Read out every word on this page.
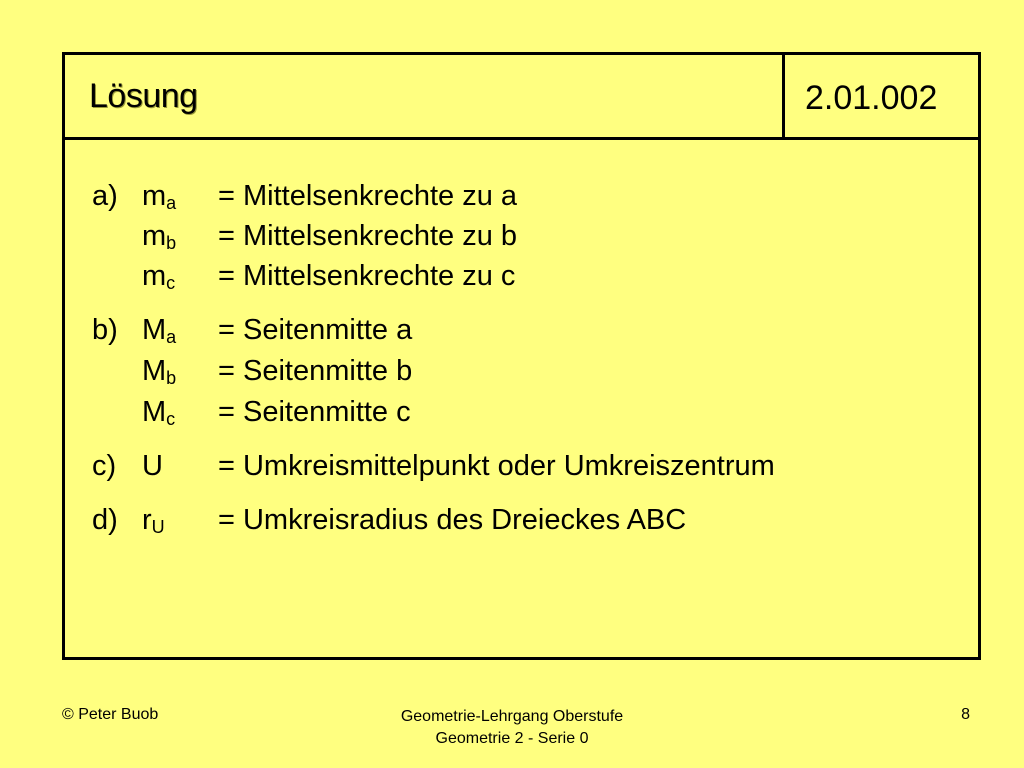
Lösung	2.01.002
a) $m_a$ = Mittelsenkrechte zu a
$m_b$ = Mittelsenkrechte zu b
$m_c$ = Mittelsenkrechte zu c
b) $M_a$ = Seitenmitte a
$M_b$ = Seitenmitte b
$M_c$ = Seitenmitte c
c) U = Umkreismittelpunkt oder Umkreiszentrum
d) $r_U$ = Umkreisradius des Dreieckes ABC
© Peter Buob	Geometrie-Lehrgang Oberstufe
Geometrie 2 - Serie 0
8
